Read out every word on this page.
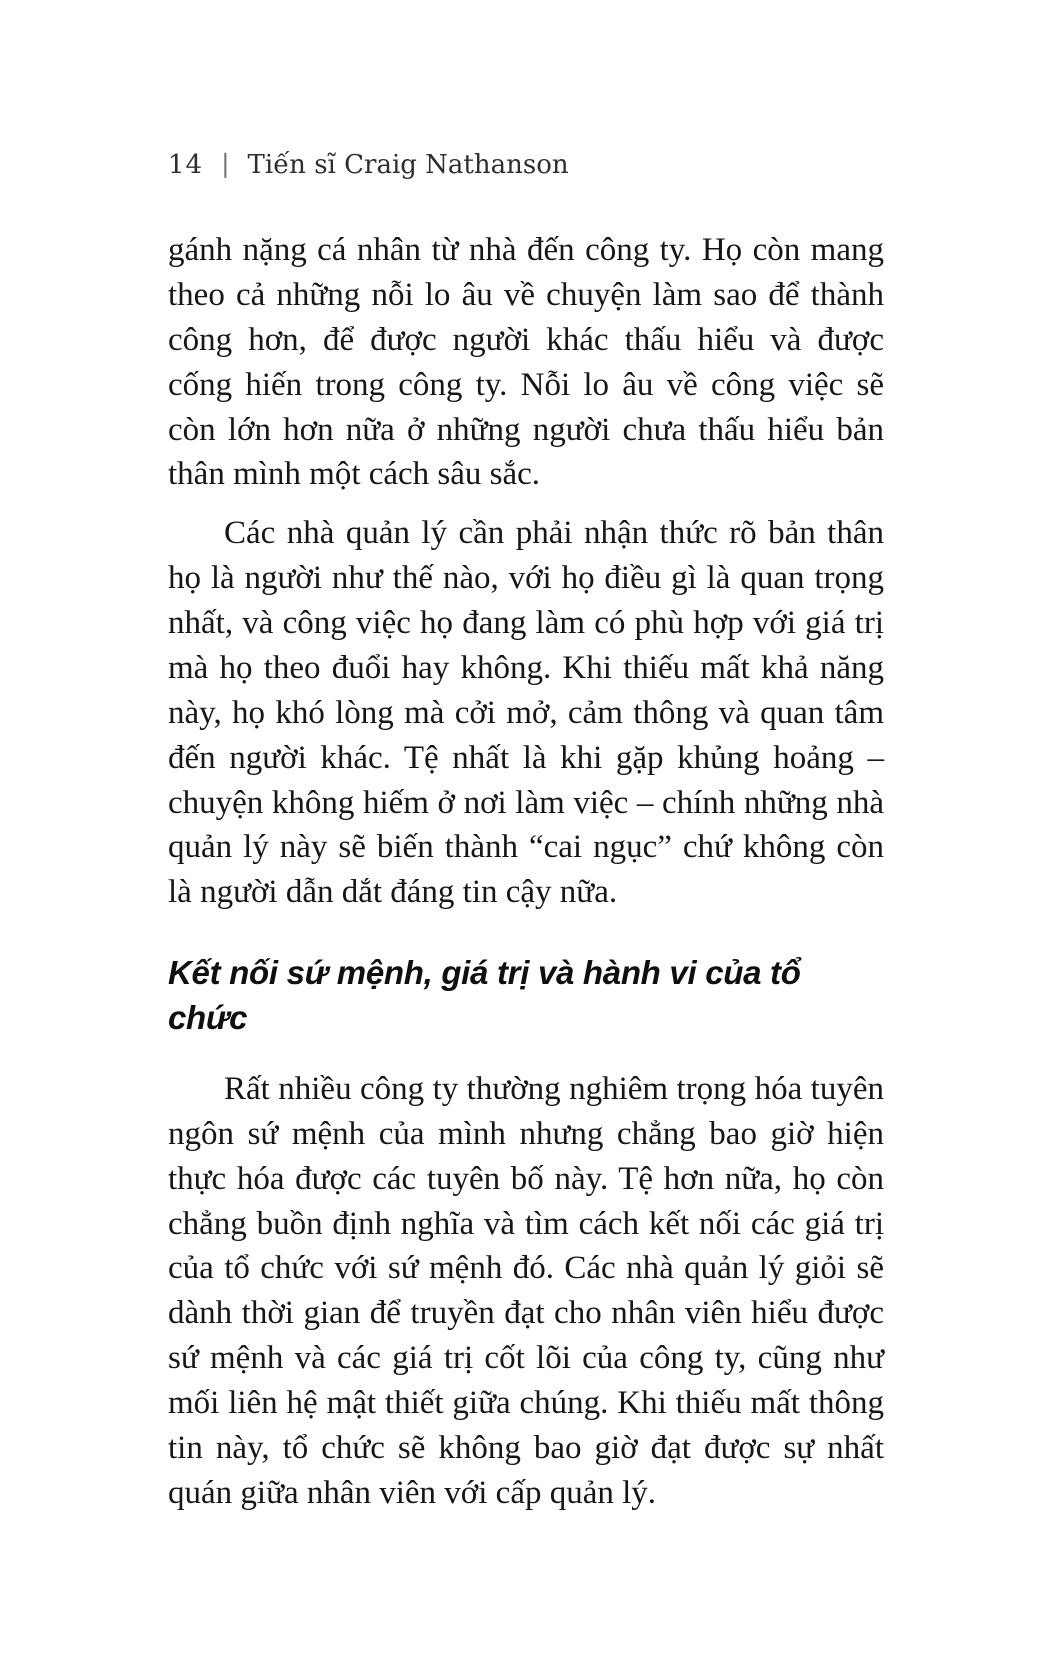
14 | Tiến sĩ Craig Nathanson

gánh nặng cá nhân từ nhà đến công ty. Họ còn mang theo cả những nỗi lo âu về chuyện làm sao để thành công hơn, để được người khác thấu hiểu và được cống hiến trong công ty. Nỗi lo âu về công việc sẽ còn lớn hơn nữa ở những người chưa thấu hiểu bản thân mình một cách sâu sắc.

Các nhà quản lý cần phải nhận thức rõ bản thân họ là người như thế nào, với họ điều gì là quan trọng nhất, và công việc họ đang làm có phù hợp với giá trị mà họ theo đuổi hay không. Khi thiếu mất khả năng này, họ khó lòng mà cởi mở, cảm thông và quan tâm đến người khác. Tệ nhất là khi gặp khủng hoảng – chuyện không hiếm ở nơi làm việc – chính những nhà quản lý này sẽ biến thành “cai ngục” chứ không còn là người dẫn dắt đáng tin cậy nữa.

Kết nối sứ mệnh, giá trị và hành vi của tổ chức

Rất nhiều công ty thường nghiêm trọng hóa tuyên ngôn sứ mệnh của mình nhưng chẳng bao giờ hiện thực hóa được các tuyên bố này. Tệ hơn nữa, họ còn chẳng buồn định nghĩa và tìm cách kết nối các giá trị của tổ chức với sứ mệnh đó. Các nhà quản lý giỏi sẽ dành thời gian để truyền đạt cho nhân viên hiểu được sứ mệnh và các giá trị cốt lõi của công ty, cũng như mối liên hệ mật thiết giữa chúng. Khi thiếu mất thông tin này, tổ chức sẽ không bao giờ đạt được sự nhất quán giữa nhân viên với cấp quản lý.
